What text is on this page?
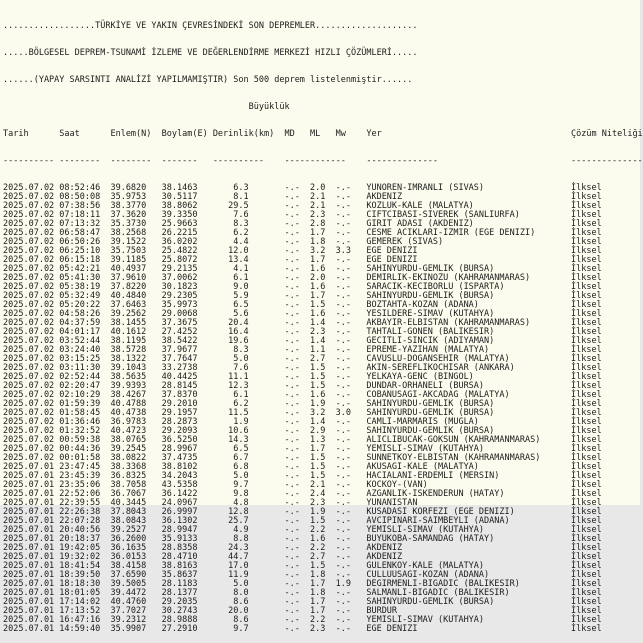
..................TÜRKİYE VE YAKIN ÇEVRESİNDEKİ SON DEPREMLER....................

.....BÖLGESEL DEPREM-TSUNAMİ İZLEME VE DEĞERLENDİRME MERKEZİ HIZLI ÇÖZÜMLERİ.....

......(YAPAY SARSINTI ANALİZİ YAPILMAMIŞTIR) Son 500 deprem listelenmiştir......

Büyüklük

Tarih      Saat      Enlem(N)  Boylam(E) Derinlik(km)  MD   ML   Mw    Yer                                     Çözüm Niteliği

---------- --------  --------  -------   ----------    ------------    --------------                          --------------

2025.07.02 08:52:46  39.6820   38.1463       6.3       -.-  2.0  -.-   YUNOREN-IMRANLI (SIVAS)                 İlksel
2025.07.02 08:50:08  35.9753   30.5117       8.1       -.-  2.1  -.-   AKDENIZ                                 İlksel
2025.07.02 07:38:56  38.3770   38.8062      29.5       -.-  2.1  -.-   KOZLUK-KALE (MALATYA)                   İlksel
2025.07.02 07:18:11  37.3620   39.3350       7.6       -.-  2.3  -.-   CIFTCIBASI-SIVEREK (SANLIURFA)          İlksel
2025.07.02 07:13:32  35.3730   25.9663       8.3       -.-  2.8  -.-   GIRIT ADASI (AKDENIZ)                   İlksel
2025.07.02 06:58:47  38.2568   26.2215       6.2       -.-  1.7  -.-   CESME ACIKLARI-IZMIR (EGE DENIZI)       İlksel
2025.07.02 06:50:26  39.1522   36.0202       4.4       -.-  1.8  -.-   GEMEREK (SIVAS)                         İlksel
2025.07.02 06:25:10  35.7503   25.4822      12.0       -.-  3.2  3.3   EGE DENIZI                              İlksel
2025.07.02 06:15:18  39.1185   25.8072      13.4       -.-  1.7  -.-   EGE DENIZI                              İlksel
2025.07.02 05:42:21  40.4937   29.2135       4.1       -.-  1.6  -.-   SAHINYURDU-GEMLIK (BURSA)               İlksel
2025.07.02 05:41:30  37.9610   37.0062       6.1       -.-  2.0  -.-   DEMIRLIK-EKINOZU (KAHRAMANMARAS)        İlksel
2025.07.02 05:38:19  37.8220   30.1823       9.0       -.-  1.6  -.-   SARACIK-KECIBORLU (ISPARTA)             İlksel
2025.07.02 05:32:49  40.4840   29.2305       5.9       -.-  1.7  -.-   SAHINYURDU-GEMLIK (BURSA)               İlksel
2025.07.02 05:20:22  37.6463   35.9973       6.5       -.-  1.5  -.-   BOZTAHTA-KOZAN (ADANA)                  İlksel
2025.07.02 04:58:26  39.2562   29.0068       5.6       -.-  1.6  -.-   YESILDERE-SIMAV (KUTAHYA)               İlksel
2025.07.02 04:37:59  38.1455   37.3675      20.4       -.-  1.4  -.-   AKBAYIR-ELBISTAN (KAHRAMANMARAS)        İlksel
2025.07.02 04:01:17  40.1612   27.4252      16.4       -.-  2.3  -.-   TAHTALI-GONEN (BALIKESIR)               İlksel
2025.07.02 03:52:44  38.1195   38.5422      19.6       -.-  1.4  -.-   GECITLI-SINCIK (ADIYAMAN)               İlksel
2025.07.02 03:24:40  38.5728   37.9677       8.3       -.-  1.1  -.-   EPREME-YAZIHAN (MALATYA)                İlksel
2025.07.02 03:15:25  38.1322   37.7647       5.0       -.-  2.7  -.-   CAVUSLU-DOGANSEHIR (MALATYA)            İlksel
2025.07.02 03:11:30  39.1043   33.2738       7.6       -.-  1.5  -.-   AKIN-SEREFLIKOCHISAR (ANKARA)           İlksel
2025.07.02 02:52:44  38.5635   40.4425      11.1       -.-  1.5  -.-   YELKAYA-GENC (BINGOL)                   İlksel
2025.07.02 02:20:47  39.9393   28.8145      12.3       -.-  1.5  -.-   DUNDAR-ORHANELI (BURSA)                 İlksel
2025.07.02 02:10:29  38.4267   37.8370       6.1       -.-  1.6  -.-   COBANUSAGI-AKCADAG (MALATYA)            İlksel
2025.07.02 01:59:39  40.4788   29.2010       6.2       -.-  1.9  -.-   SAHINYURDU-GEMLIK (BURSA)               İlksel
2025.07.02 01:58:45  40.4738   29.1957      11.5       -.-  3.2  3.0   SAHINYURDU-GEMLIK (BURSA)               İlksel
2025.07.02 01:36:46  36.9783   28.2873       1.9       -.-  1.4  -.-   CAMLI-MARMARIS (MUGLA)                  İlksel
2025.07.02 01:32:52  40.4723   29.2093      10.6       -.-  2.9  -.-   SAHINYURDU-GEMLIK (BURSA)               İlksel
2025.07.02 00:59:38  38.0765   36.5250      14.3       -.-  1.3  -.-   ALICLIBUCAK-GOKSUN (KAHRAMANMARAS)      İlksel
2025.07.02 00:44:36  39.2545   28.9967       6.5       -.-  1.7  -.-   YEMISLI-SIMAV (KUTAHYA)                 İlksel
2025.07.02 00:01:58  38.0822   37.4735       6.7       -.-  1.5  -.-   SUNNETKOY-ELBISTAN (KAHRAMANMARAS)      İlksel
2025.07.01 23:47:45  38.3368   38.8102       6.8       -.-  1.5  -.-   AKUSAGI-KALE (MALATYA)                  İlksel
2025.07.01 23:45:39  36.8325   34.2043       5.0       -.-  1.5  -.-   HACIALANI-ERDEMLI (MERSIN)              İlksel
2025.07.01 23:35:06  38.7058   43.5358       9.7       -.-  2.1  -.-   KOCKOY-(VAN)                            İlksel
2025.07.01 22:52:06  36.7067   36.1422       9.8       -.-  2.4  -.-   AZGANLIK-ISKENDERUN (HATAY)             İlksel
2025.07.01 22:39:55  40.3445   24.0967       4.8       -.-  2.3  -.-   YUNANISTAN                              İlksel
2025.07.01 22:26:38  37.8043   26.9997      12.8       -.-  1.9  -.-   KUSADASI KORFEZI (EGE DENIZI)           İlksel
2025.07.01 22:07:28  38.0843   36.1302      25.7       -.-  1.5  -.-   AVCIPINARI-SAIMBEYLI (ADANA)            İlksel
2025.07.01 20:40:56  39.2527   28.9947       4.9       -.-  2.2  -.-   YEMISLI-SIMAV (KUTAHYA)                 İlksel
2025.07.01 20:18:37  36.2600   35.9133       8.8       -.-  1.6  -.-   BUYUKOBA-SAMANDAG (HATAY)               İlksel
2025.07.01 19:42:05  36.1635   28.8358      24.3       -.-  2.2  -.-   AKDENIZ                                 İlksel
2025.07.01 19:32:02  36.0153   28.4710      44.7       -.-  2.7  -.-   AKDENIZ                                 İlksel
2025.07.01 18:41:54  38.4158   38.8163      17.0       -.-  1.5  -.-   GULENKOY-KALE (MALATYA)                 İlksel
2025.07.01 18:39:50  37.6590   35.8637      11.9       -.-  1.8  -.-   CULLUUSAGI-KOZAN (ADANA)                İlksel
2025.07.01 18:18:30  39.5005   28.1183       5.0       -.-  1.7  1.9   DEGIRMENLI-BIGADIC (BALIKESIR)          İlksel
2025.07.01 18:01:05  39.4472   28.1377       8.0       -.-  1.8  -.-   SALMANLI-BIGADIC (BALIKESIR)            İlksel
2025.07.01 17:14:02  40.4760   29.2035       8.6       -.-  1.7  -.-   SAHINYURDU-GEMLIK (BURSA)               İlksel
2025.07.01 17:13:52  37.7027   30.2743      20.0       -.-  1.7  -.-   BURDUR                                  İlksel
2025.07.01 16:47:16  39.2312   28.9888       8.6       -.-  2.2  -.-   YEMISLI-SIMAV (KUTAHYA)                 İlksel
2025.07.01 14:59:40  35.9907   27.2910       9.7       -.-  2.3  -.-   EGE DENIZI                              İlksel
